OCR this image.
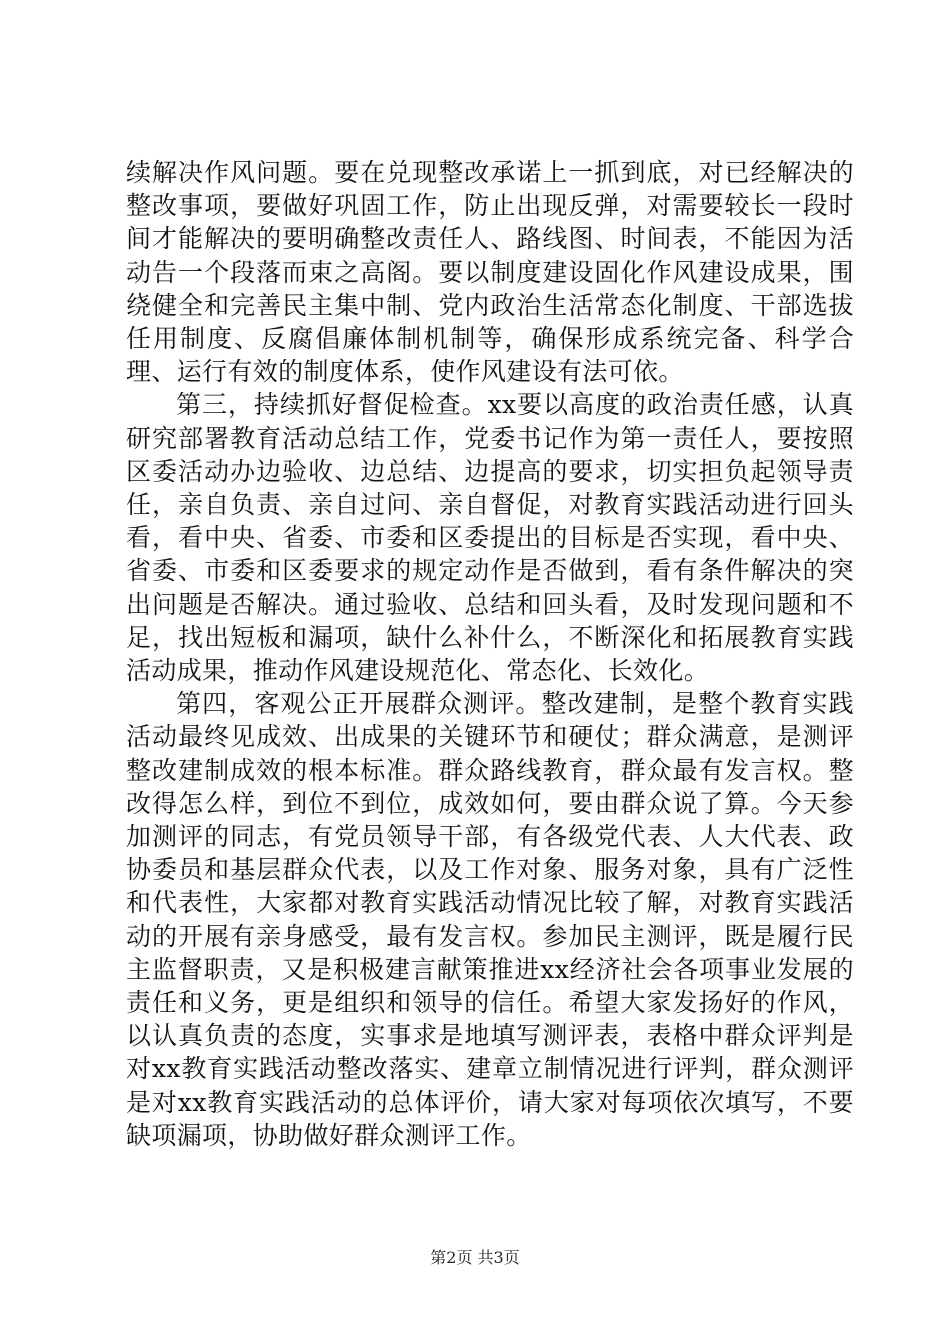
续解决作风问题。要在兑现整改承诺上一抓到底，对已经解决的整改事项，要做好巩固工作，防止出现反弹，对需要较长一段时间才能解决的要明确整改责任人、路线图、时间表，不能因为活动告一个段落而束之高阁。要以制度建设固化作风建设成果，围绕健全和完善民主集中制、党内政治生活常态化制度、干部选拔任用制度、反腐倡廉体制机制等，确保形成系统完备、科学合理、运行有效的制度体系，使作风建设有法可依。

第三，持续抓好督促检查。xx要以高度的政治责任感，认真研究部署教育活动总结工作，党委书记作为第一责任人，要按照区委活动办边验收、边总结、边提高的要求，切实担负起领导责任，亲自负责、亲自过问、亲自督促，对教育实践活动进行回头看，看中央、省委、市委和区委提出的目标是否实现，看中央、省委、市委和区委要求的规定动作是否做到，看有条件解决的突出问题是否解决。通过验收、总结和回头看，及时发现问题和不足，找出短板和漏项，缺什么补什么，不断深化和拓展教育实践活动成果，推动作风建设规范化、常态化、长效化。

第四，客观公正开展群众测评。整改建制，是整个教育实践活动最终见成效、出成果的关键环节和硬仗；群众满意，是测评整改建制成效的根本标准。群众路线教育，群众最有发言权。整改得怎么样，到位不到位，成效如何，要由群众说了算。今天参加测评的同志，有党员领导干部，有各级党代表、人大代表、政协委员和基层群众代表，以及工作对象、服务对象，具有广泛性和代表性，大家都对教育实践活动情况比较了解，对教育实践活动的开展有亲身感受，最有发言权。参加民主测评，既是履行民主监督职责，又是积极建言献策推进xx经济社会各项事业发展的责任和义务，更是组织和领导的信任。希望大家发扬好的作风，以认真负责的态度，实事求是地填写测评表，表格中群众评判是对xx教育实践活动整改落实、建章立制情况进行评判，群众测评是对xx教育实践活动的总体评价，请大家对每项依次填写，不要缺项漏项，协助做好群众测评工作。

第2页 共3页
